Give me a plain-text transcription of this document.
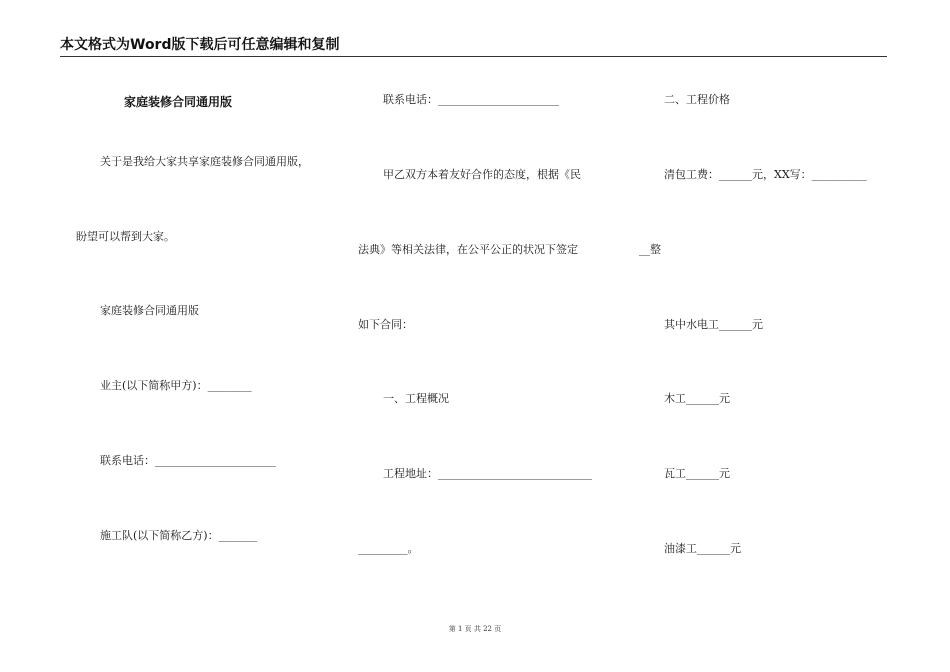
本文格式为Word版下载后可任意编辑和复制
家庭装修合同通用版
关于是我给大家共享家庭装修合同通用版，
盼望可以帮到大家。
家庭装修合同通用版
业主(以下简称甲方)：________
联系电话：______________________
施工队(以下简称乙方)：_______
联系电话：______________________
甲乙双方本着友好合作的态度，根据《民
法典》等相关法律，在公平公正的状况下签定
如下合同：
一、工程概况
工程地址：____________________________
_________。
二、工程价格
清包工费：______元，XX写：__________
__整
其中水电工______元
木工______元
瓦工______元
油漆工______元
第 1 页 共 22 页
